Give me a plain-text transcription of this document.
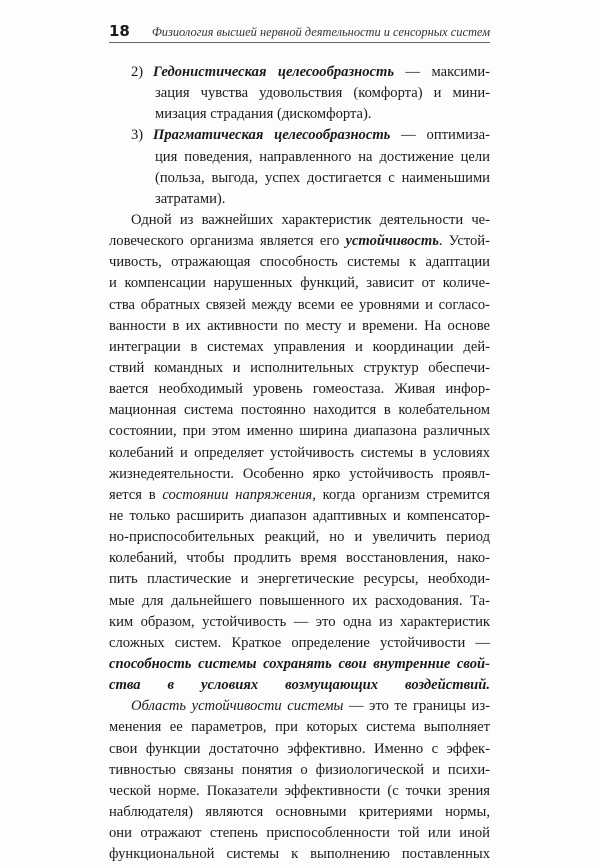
18 Физиология высшей нервной деятельности и сенсорных систем
2) Гедонистическая целесообразность — максими-
зация чувства удовольствия (комфорта) и мини-
мизация страдания (дискомфорта).
3) Прагматическая целесообразность — оптимиза-
ция поведения, направленного на достижение цели
(польза, выгода, успех достигается с наименьшими
затратами).
Одной из важнейших характеристик деятельности че-
ловеческого организма является его устойчивость. Устой-
чивость, отражающая способность системы к адаптации
и компенсации нарушенных функций, зависит от количе-
ства обратных связей между всеми ее уровнями и согласо-
ванности в их активности по месту и времени. На основе
интеграции в системах управления и координации дей-
ствий командных и исполнительных структур обеспечи-
вается необходимый уровень гомеостаза. Живая инфор-
мационная система постоянно находится в колебательном
состоянии, при этом именно ширина диапазона различных
колебаний и определяет устойчивость системы в условиях
жизнедеятельности. Особенно ярко устойчивость проявл-
яется в состоянии напряжения, когда организм стремится
не только расширить диапазон адаптивных и компенсатор-
но-приспособительных реакций, но и увеличить период
колебаний, чтобы продлить время восстановления, нако-
пить пластические и энергетические ресурсы, необходи-
мые для дальнейшего повышенного их расходования. Та-
ким образом, устойчивость — это одна из характеристик
сложных систем. Краткое определение устойчивости —
способность системы сохранять свои внутренние свой-
ства в условиях возмущающих воздействий.
Область устойчивости системы — это те границы из-
менения ее параметров, при которых система выполняет
свои функции достаточно эффективно. Именно с эффек-
тивностью связаны понятия о физиологической и психи-
ческой норме. Показатели эффективности (с точки зрения
наблюдателя) являются основными критериями нормы,
они отражают степень приспособленности той или иной
функциональной системы к выполнению поставленных
